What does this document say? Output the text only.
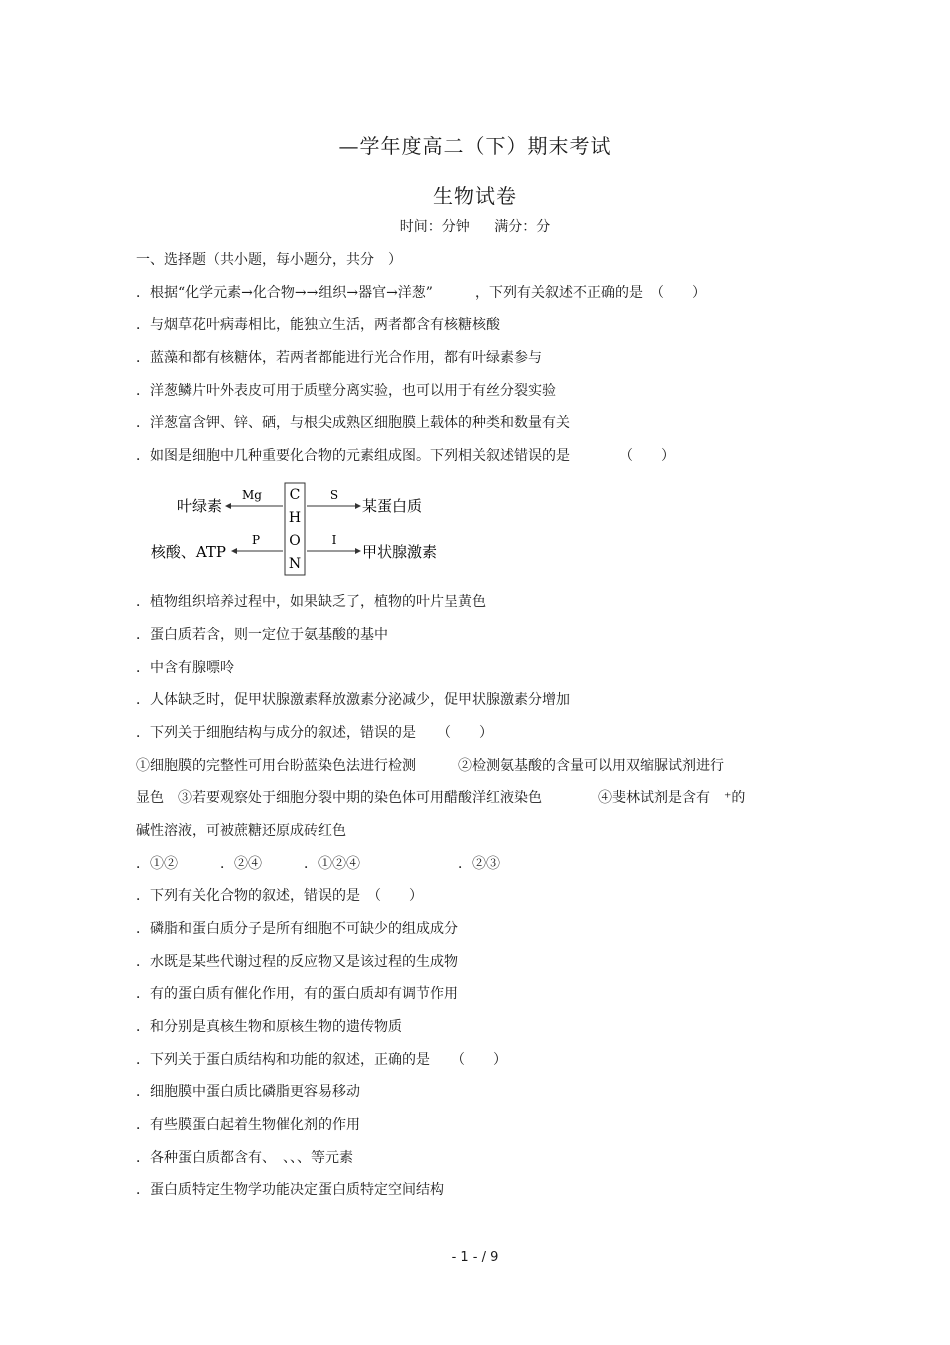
—学年度高二（下）期末考试
生物试卷
时间：分钟 满分：分
一、选择题（共小题，每小题分，共分　）
．根据“化学元素→化合物→→组织→器官→洋葱”　　　，下列有关叙述不正确的是　（　　）
．与烟草花叶病毒相比，能独立生活，两者都含有核糖核酸
．蓝藻和都有核糖体，若两者都能进行光合作用，都有叶绿素参与
．洋葱鳞片叶外表皮可用于质壁分离实验，也可以用于有丝分裂实验
．洋葱富含钾、锌、硒，与根尖成熟区细胞膜上载体的种类和数量有关
．如图是细胞中几种重要化合物的元素组成图。下列相关叙述错误的是　　　　（　　）
C
H
O
N
Mg
叶绿素
P
核酸、ATP
S
某蛋白质
I
甲状腺激素
．植物组织培养过程中，如果缺乏了，植物的叶片呈黄色
．蛋白质若含，则一定位于氨基酸的基中
．中含有腺嘌呤
．人体缺乏时，促甲状腺激素释放激素分泌减少，促甲状腺激素分增加
．下列关于细胞结构与成分的叙述，错误的是　　（　　）
①细胞膜的完整性可用台盼蓝染色法进行检测　　　②检测氨基酸的含量可以用双缩脲试剂进行
显色　③若要观察处于细胞分裂中期的染色体可用醋酸洋红液染色　　　　④斐林试剂是含有　⁺的
碱性溶液，可被蔗糖还原成砖红色
．①②　　　．②④　　　．①②④　　　　　　　．②③
．下列有关化合物的叙述，错误的是　（　　）
．磷脂和蛋白质分子是所有细胞不可缺少的组成成分
．水既是某些代谢过程的反应物又是该过程的生成物
．有的蛋白质有催化作用，有的蛋白质却有调节作用
．和分别是真核生物和原核生物的遗传物质
．下列关于蛋白质结构和功能的叙述，正确的是　　（　　）
．细胞膜中蛋白质比磷脂更容易移动
．有些膜蛋白起着生物催化剂的作用
．各种蛋白质都含有、　、、、等元素
．蛋白质特定生物学功能决定蛋白质特定空间结构
- 1 - / 9
